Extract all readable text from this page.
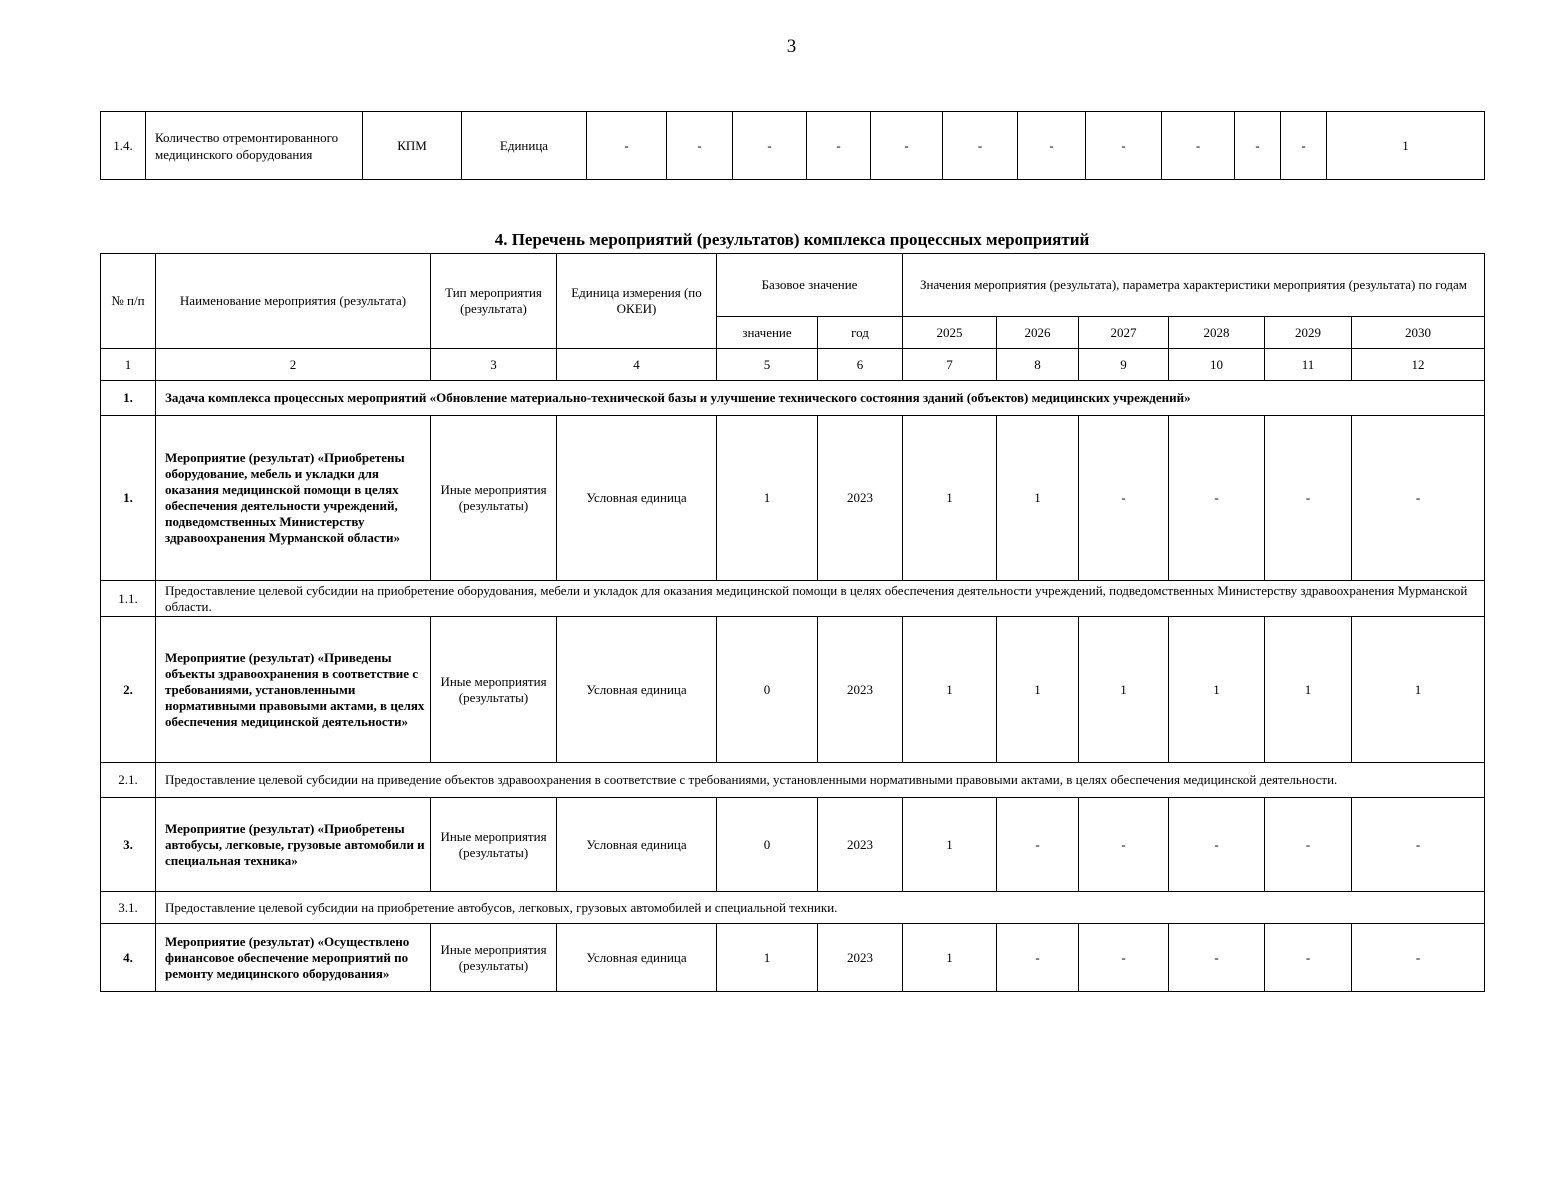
3
1.4.	Количество отремонтированного медицинского оборудования	КПМ	Единица	-	-	-	-	-	-	-	-	-	-	-	1
4. Перечень мероприятий (результатов) комплекса процессных мероприятий
№ п/п	Наименование мероприятия (результата)	Тип мероприятия (результата)	Единица измерения (по ОКЕИ)	Базовое значение		Значения мероприятия (результата), параметра характеристики мероприятия (результата) по годам					
				значение	год	2025	2026	2027	2028	2029	2030
1	2	3	4	5	6	7	8	9	10	11	12
1.	Задача комплекса процессных мероприятий «Обновление материально-технической базы и улучшение технического состояния зданий (объектов) медицинских учреждений»										
1.	Мероприятие (результат) «Приобретены оборудование, мебель и укладки для оказания медицинской помощи в целях обеспечения деятельности учреждений, подведомственных Министерству здравоохранения Мурманской области»	Иные мероприятия (результаты)	Условная единица	1	2023	1	1	-	-	-	-
1.1.	Предоставление целевой субсидии на приобретение оборудования, мебели и укладок для оказания медицинской помощи в целях обеспечения деятельности учреждений, подведомственных Министерству здравоохранения Мурманской области.										
2.	Мероприятие (результат) «Приведены объекты здравоохранения в соответствие с требованиями, установленными нормативными правовыми актами, в целях обеспечения медицинской деятельности»	Иные мероприятия (результаты)	Условная единица	0	2023	1	1	1	1	1	1
2.1.	Предоставление целевой субсидии на приведение объектов здравоохранения в соответствие с требованиями, установленными нормативными правовыми актами, в целях обеспечения медицинской деятельности.										
3.	Мероприятие (результат) «Приобретены автобусы, легковые, грузовые автомобили и специальная техника»	Иные мероприятия (результаты)	Условная единица	0	2023	1	-	-	-	-	-
3.1.	Предоставление целевой субсидии на приобретение автобусов, легковых, грузовых автомобилей и специальной техники.										
4.	Мероприятие (результат) «Осуществлено финансовое обеспечение мероприятий по ремонту медицинского оборудования»	Иные мероприятия (результаты)	Условная единица	1	2023	1	-	-	-	-	-
